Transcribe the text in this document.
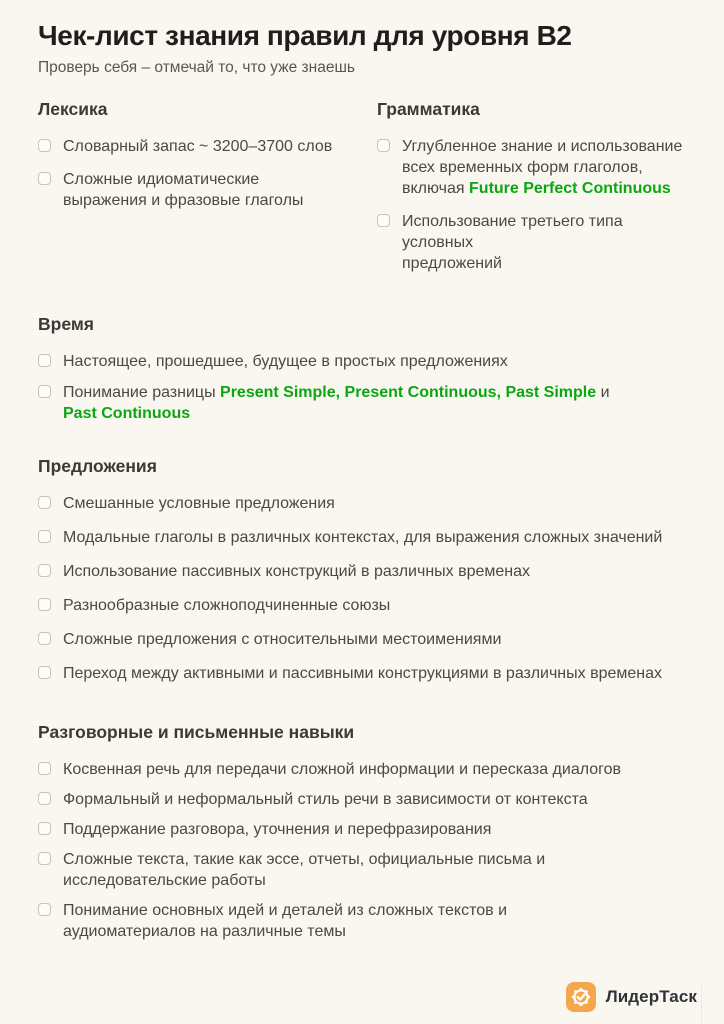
Чек-лист знания правил для уровня B2

Проверь себя – отмечай то, что уже знаешь

Лексика
Словарный запас ~ 3200–3700 слов
Сложные идиоматические
выражения и фразовые глаголы
Грамматика
Углубленное знание и использование
всех временных форм глаголов,
включая Future Perfect Continuous
Использование третьего типа условных
предложений
Время
Настоящее, прошедшее, будущее в простых предложениях
Понимание разницы Present Simple, Present Continuous, Past Simple и
Past Continuous
Предложения
Смешанные условные предложения
Модальные глаголы в различных контекстах, для выражения сложных значений
Использование пассивных конструкций в различных временах
Разнообразные сложноподчиненные союзы
Сложные предложения с относительными местоимениями
Переход между активными и пассивными конструкциями в различных временах
Разговорные и письменные навыки
Косвенная речь для передачи сложной информации и пересказа диалогов
Формальный и неформальный стиль речи в зависимости от контекста
Поддержание разговора, уточнения и перефразирования
Сложные текста, такие как эссе, отчеты, официальные письма и
исследовательские работы
Понимание основных идей и деталей из сложных текстов и
аудиоматериалов на различные темы
ЛидерТаск
